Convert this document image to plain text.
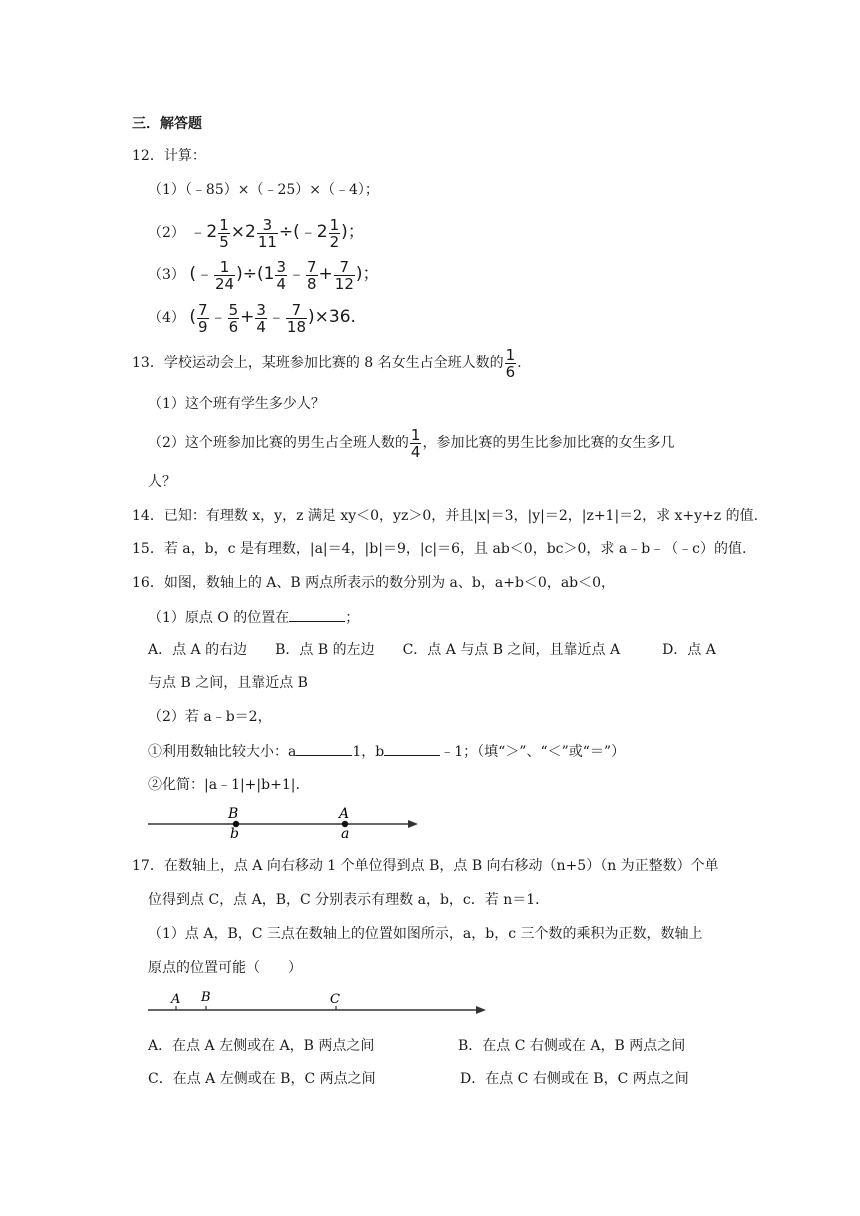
三．解答题
12．计算：
（1）（﹣85）×（﹣25）×（﹣4）；
（2） ﹣2 $\frac{1}{5} \times 2 \frac{3}{11}$ ÷(﹣2 $\frac{1}{2}$ )；
（3） (﹣ $\frac{1}{24} )\div(1 \frac{3}{4}$ ﹣ $\frac{7}{8} + \frac{7}{12}$ )；
（4） ( $\frac{7}{9}$ ﹣ $\frac{5}{6} + \frac{3}{4}$ ﹣ $\frac{7}{18} )\times 36$.
13．学校运动会上，某班参加比赛的 8 名女生占全班人数的 $\frac{1}{6}$ .
（1）这个班有学生多少人？
（2）这个班参加比赛的男生占全班人数的 $\frac{1}{4}$ ，参加比赛的男生比参加比赛的女生多几
人？
14．已知：有理数 x，y，z 满足 xy＜0，yz＞0，并且|x|＝3，|y|＝2，|z+1|＝2，求 x+y+z 的值.
15．若 a，b，c 是有理数，|a|＝4，|b|＝9，|c|＝6，且 ab＜0，bc＞0，求 a﹣b﹣（﹣c）的值.
16．如图，数轴上的 A、B 两点所表示的数分别为 a、b，a+b＜0，ab＜0，
（1）原点 O 的位置在	；
A．点 A 的右边　　B．点 B 的左边　　C．点 A 与点 B 之间，且靠近点 A　　　D．点 A
与点 B 之间，且靠近点 B
（2）若 a﹣b＝2，
①利用数轴比较大小：a	1，b	﹣1；（填“＞”、“＜”或“＝”）
②化简：|a﹣1|+|b+1|.
B
b
A
a
17．在数轴上，点 A 向右移动 1 个单位得到点 B，点 B 向右移动（n+5）（n 为正整数）个单
位得到点 C，点 A，B，C 分别表示有理数 a，b，c．若 n＝1．
（1）点 A，B，C 三点在数轴上的位置如图所示，a，b，c 三个数的乘积为正数，数轴上
原点的位置可能（　　）
A B	C
A．在点 A 左侧或在 A，B 两点之间	B．在点 C 右侧或在 A，B 两点之间
C．在点 A 左侧或在 B，C 两点之间	D．在点 C 右侧或在 B，C 两点之间
